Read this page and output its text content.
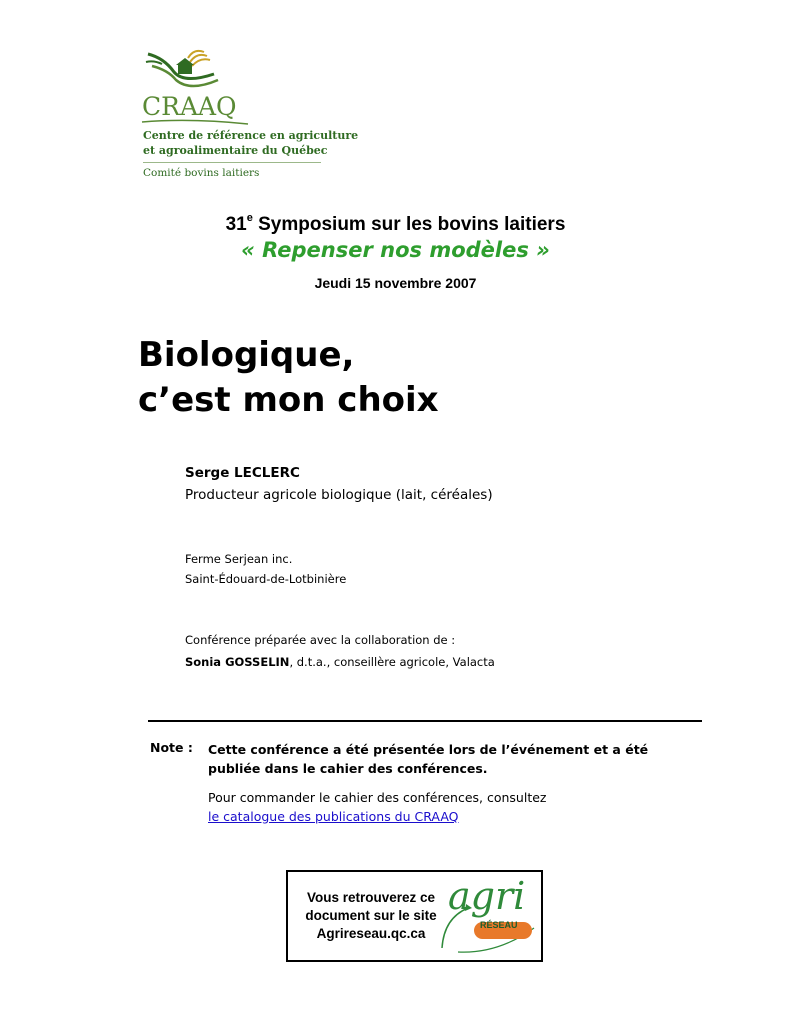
CRAAQ
Centre de référence en agriculture
et agroalimentaire du Québec
Comité bovins laitiers
31e Symposium sur les bovins laitiers
« Repenser nos modèles »
Jeudi 15 novembre 2007
Biologique,
c’est mon choix
Serge LECLERC
Producteur agricole biologique (lait, céréales)
Ferme Serjean inc.
Saint-Édouard-de-Lotbinière
Conférence préparée avec la collaboration de :
Sonia GOSSELIN, d.t.a., conseillère agricole, Valacta
Note : Cette conférence a été présentée lors de l’événement et a été publiée dans le cahier des conférences.
Pour commander le cahier des conférences, consultez
le catalogue des publications du CRAAQ
Vous retrouverez ce
document sur le site
Agrireseau.qc.ca
agri
RÉSEAU
